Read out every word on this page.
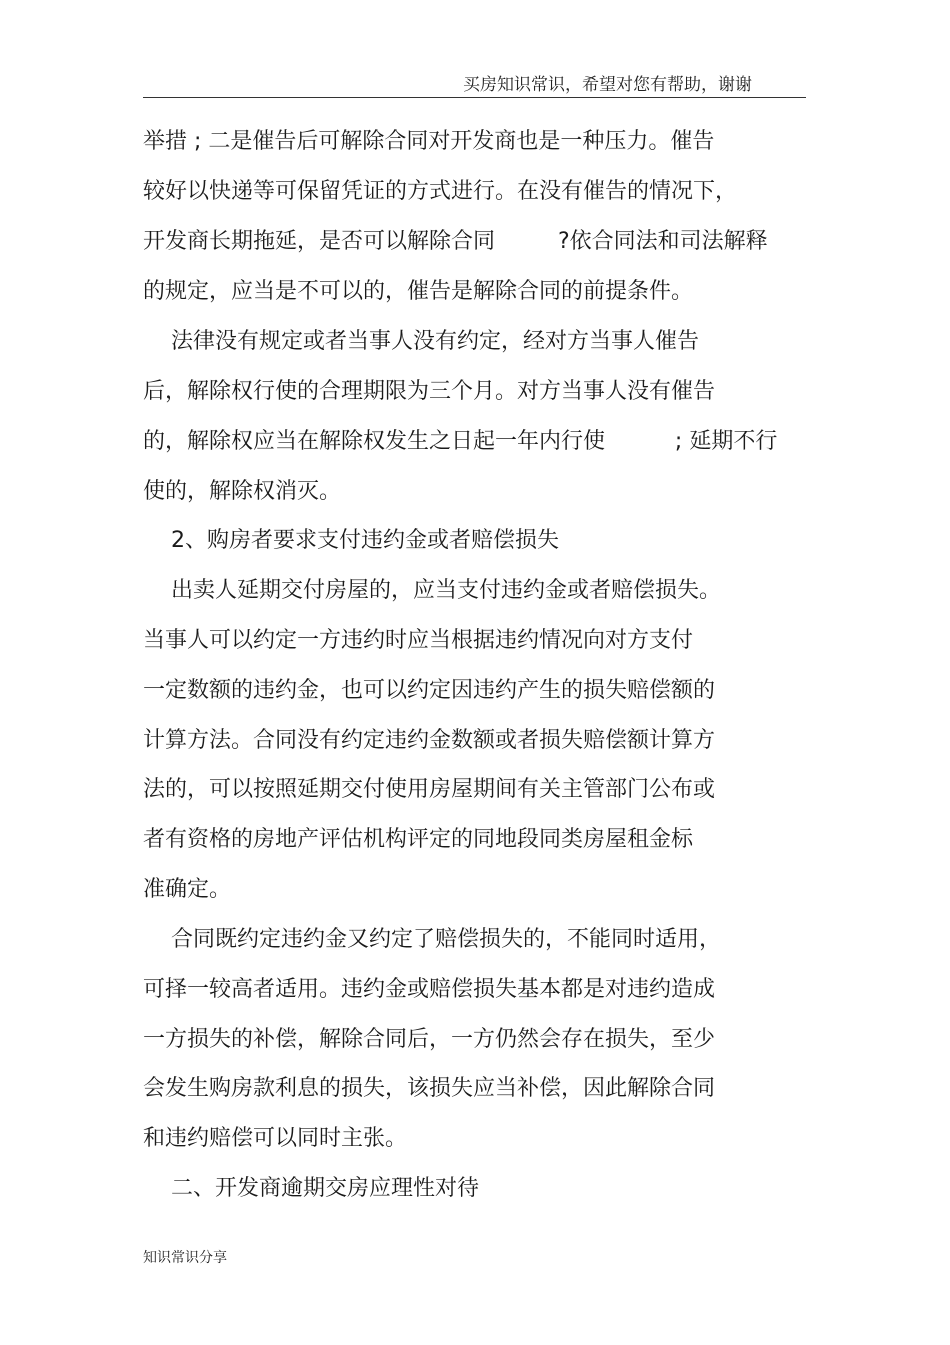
买房知识常识，希望对您有帮助，谢谢
举措 ; 二是催告后可解除合同对开发商也是一种压力。催告
较好以快递等可保留凭证的方式进行。在没有催告的情况下，
开发商长期拖延，是否可以解除合同         ?依合同法和司法解释
的规定，应当是不可以的，催告是解除合同的前提条件。
法律没有规定或者当事人没有约定，经对方当事人催告
后，解除权行使的合理期限为三个月。对方当事人没有催告
的，解除权应当在解除权发生之日起一年内行使          ; 延期不行
使的，解除权消灭。
2、购房者要求支付违约金或者赔偿损失
出卖人延期交付房屋的，应当支付违约金或者赔偿损失。
当事人可以约定一方违约时应当根据违约情况向对方支付
一定数额的违约金，也可以约定因违约产生的损失赔偿额的
计算方法。合同没有约定违约金数额或者损失赔偿额计算方
法的，可以按照延期交付使用房屋期间有关主管部门公布或
者有资格的房地产评估机构评定的同地段同类房屋租金标
准确定。
合同既约定违约金又约定了赔偿损失的，不能同时适用，
可择一较高者适用。违约金或赔偿损失基本都是对违约造成
一方损失的补偿，解除合同后，一方仍然会存在损失，至少
会发生购房款利息的损失，该损失应当补偿，因此解除合同
和违约赔偿可以同时主张。
二、开发商逾期交房应理性对待
知识常识分享
